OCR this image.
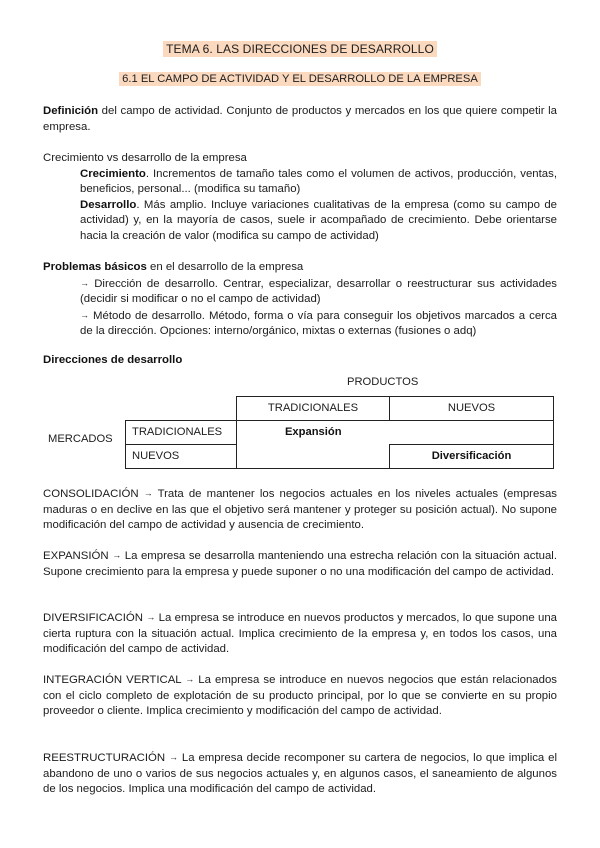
TEMA 6. LAS DIRECCIONES DE DESARROLLO
6.1 EL CAMPO DE ACTIVIDAD Y EL DESARROLLO DE LA EMPRESA

Definición del campo de actividad. Conjunto de productos y mercados en los que quiere competir la empresa.

Crecimiento vs desarrollo de la empresa

Crecimiento. Incrementos de tamaño tales como el volumen de activos, producción, ventas, beneficios, personal... (modifica su tamaño)

Desarrollo. Más amplio. Incluye variaciones cualitativas de la empresa (como su campo de actividad) y, en la mayoría de casos, suele ir acompañado de crecimiento. Debe orientarse hacia la creación de valor (modifica su campo de actividad)

Problemas básicos en el desarrollo de la empresa

→ Dirección de desarrollo. Centrar, especializar, desarrollar o reestructurar sus actividades (decidir si modificar o no el campo de actividad)

→ Método de desarrollo. Método, forma o vía para conseguir los objetivos marcados a cerca de la dirección. Opciones: interno/orgánico, mixtas o externas (fusiones o adq)

Direcciones de desarrollo

PRODUCTOS
MERCADOS
	TRADICIONALES	NUEVOS
TRADICIONALES	Expansión	
NUEVOS		Diversificación

CONSOLIDACIÓN → Trata de mantener los negocios actuales en los niveles actuales (empresas maduras o en declive en las que el objetivo será mantener y proteger su posición actual). No supone modificación del campo de actividad y ausencia de crecimiento.

EXPANSIÓN → La empresa se desarrolla manteniendo una estrecha relación con la situación actual. Supone crecimiento para la empresa y puede suponer o no una modificación del campo de actividad.

DIVERSIFICACIÓN → La empresa se introduce en nuevos productos y mercados, lo que supone una cierta ruptura con la situación actual. Implica crecimiento de la empresa y, en todos los casos, una modificación del campo de actividad.

INTEGRACIÓN VERTICAL → La empresa se introduce en nuevos negocios que están relacionados con el ciclo completo de explotación de su producto principal, por lo que se convierte en su propio proveedor o cliente. Implica crecimiento y modificación del campo de actividad.

REESTRUCTURACIÓN → La empresa decide recomponer su cartera de negocios, lo que implica el abandono de uno o varios de sus negocios actuales y, en algunos casos, el saneamiento de algunos de los negocios. Implica una modificación del campo de actividad.
